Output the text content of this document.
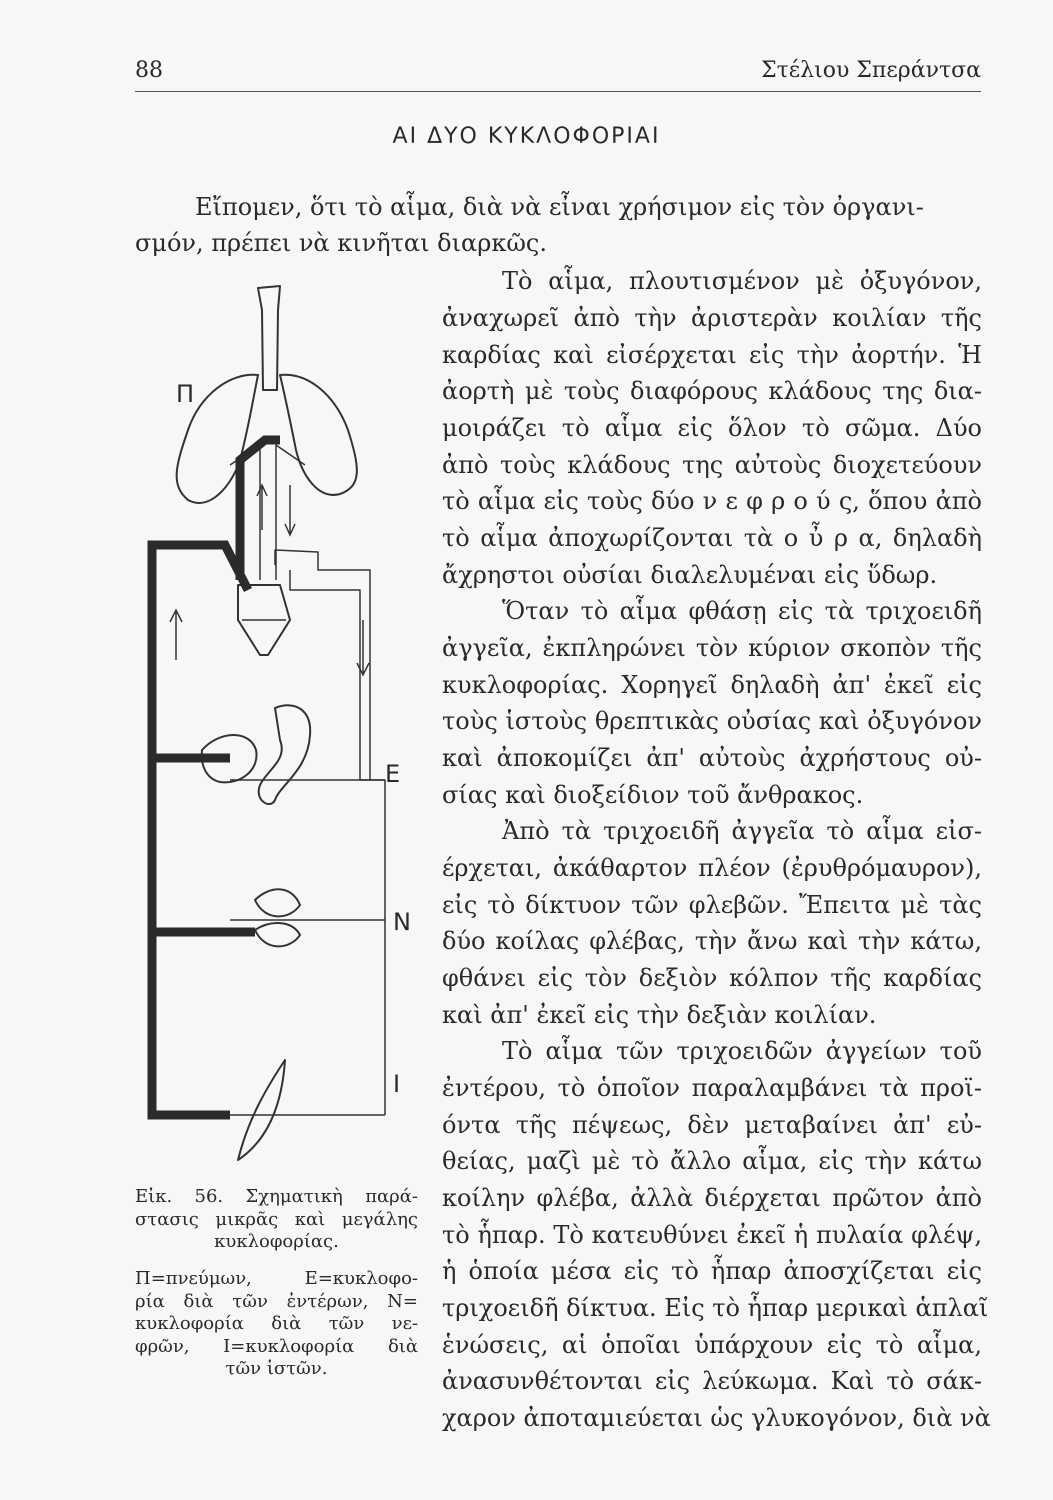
88	Στέλιου Σπεράντσα
ΑΙ ΔΥΟ ΚΥΚΛΟΦΟΡΙΑΙ
Εἴπομεν, ὅτι τὸ αἷμα, διὰ νὰ εἶναι χρήσιμον εἰς τὸν ὀργανι-
σμόν, πρέπει νὰ κινῆται διαρκῶς.
Τὸ αἷμα, πλουτισμένον μὲ ὀξυγόνον,
ἀναχωρεῖ ἀπὸ τὴν ἀριστερὰν κοιλίαν τῆς
καρδίας καὶ εἰσέρχεται εἰς τὴν ἀορτήν. Ἡ
ἀορτὴ μὲ τοὺς διαφόρους κλάδους της δια-
μοιράζει τὸ αἷμα εἰς ὅλον τὸ σῶμα. Δύο
ἀπὸ τοὺς κλάδους της αὐτοὺς διοχετεύουν
τὸ αἷμα εἰς τοὺς δύο ν ε φ ρ ο ύ ς, ὅπου ἀπὸ
τὸ αἷμα ἀποχωρίζονται τὰ ο ὖ ρ α, δηλαδὴ
ἄχρηστοι οὐσίαι διαλελυμέναι εἰς ὕδωρ.
Ὅταν τὸ αἷμα φθάσῃ εἰς τὰ τριχοειδῆ
ἀγγεῖα, ἐκπληρώνει τὸν κύριον σκοπὸν τῆς
κυκλοφορίας. Χορηγεῖ δηλαδὴ ἀπ' ἐκεῖ εἰς
τοὺς ἱστοὺς θρεπτικὰς οὐσίας καὶ ὀξυγόνον
καὶ ἀποκομίζει ἀπ' αὐτοὺς ἀχρήστους οὐ-
σίας καὶ διοξείδιον τοῦ ἄνθρακος.
Ἀπὸ τὰ τριχοειδῆ ἀγγεῖα τὸ αἷμα εἰσ-
έρχεται, ἀκάθαρτον πλέον (ἐρυθρόμαυρον),
εἰς τὸ δίκτυον τῶν φλεβῶν. Ἔπειτα μὲ τὰς
δύο κοίλας φλέβας, τὴν ἄνω καὶ τὴν κάτω,
φθάνει εἰς τὸν δεξιὸν κόλπον τῆς καρδίας
καὶ ἀπ' ἐκεῖ εἰς τὴν δεξιὰν κοιλίαν.
Τὸ αἷμα τῶν τριχοειδῶν ἀγγείων τοῦ
ἐντέρου, τὸ ὁποῖον παραλαμβάνει τὰ προϊ-
όντα τῆς πέψεως, δὲν μεταβαίνει ἀπ' εὐ-
θείας, μαζὶ μὲ τὸ ἄλλο αἷμα, εἰς τὴν κάτω
κοίλην φλέβα, ἀλλὰ διέρχεται πρῶτον ἀπὸ
τὸ ἧπαρ. Τὸ κατευθύνει ἐκεῖ ἡ πυλαία φλέψ,
ἡ ὁποία μέσα εἰς τὸ ἧπαρ ἀποσχίζεται εἰς
τριχοειδῆ δίκτυα. Εἰς τὸ ἧπαρ μερικαὶ ἁπλαῖ
ἑνώσεις, αἱ ὁποῖαι ὑπάρχουν εἰς τὸ αἷμα,
ἀνασυνθέτονται εἰς λεύκωμα. Καὶ τὸ σάκ-
χαρον ἀποταμιεύεται ὡς γλυκογόνον, διὰ νὰ
Π
Ε
Ν
Ι
Εἰκ. 56. Σχηματικὴ παρά-
στασις μικρᾶς καὶ μεγάλης
κυκλοφορίας.
Π=πνεύμων, Ε=κυκλοφο-
ρία διὰ τῶν ἐντέρων, Ν=
κυκλοφορία διὰ τῶν νε-
φρῶν, Ι=κυκλοφορία διὰ
τῶν ἱστῶν.
